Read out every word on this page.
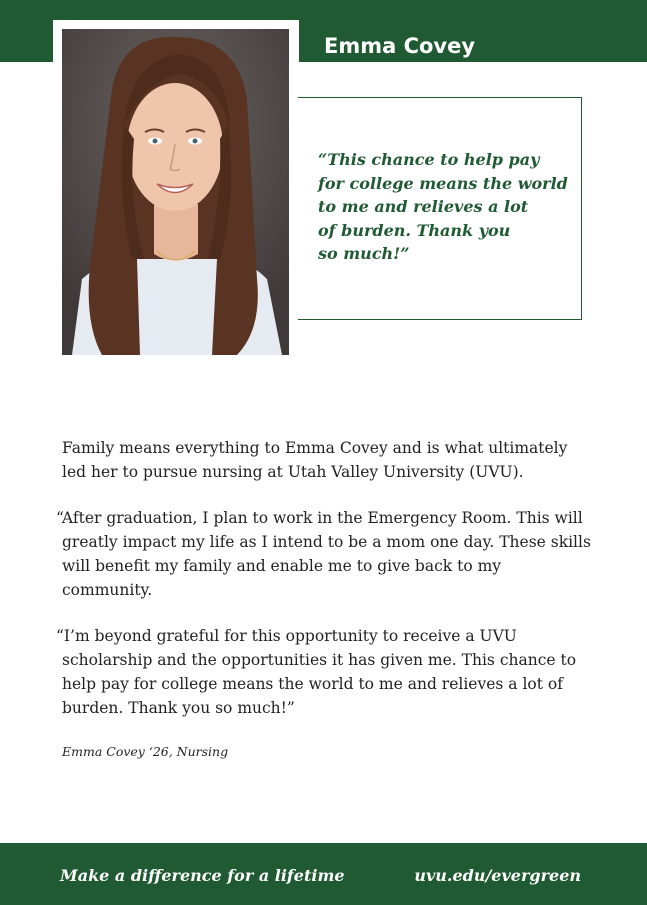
Emma Covey
“This chance to help pay
for college means the world
to me and relieves a lot
of burden. Thank you
so much!”

Family means everything to Emma Covey and is what ultimately led her to pursue nursing at Utah Valley University (UVU).

“After graduation, I plan to work in the Emergency Room. This will greatly impact my life as I intend to be a mom one day. These skills will benefit my family and enable me to give back to my community.

“I’m beyond grateful for this opportunity to receive a UVU scholarship and the opportunities it has given me. This chance to help pay for college means the world to me and relieves a lot of burden. Thank you so much!”

Emma Covey ‘26, Nursing
Make a difference for a lifetime	uvu.edu/evergreen
